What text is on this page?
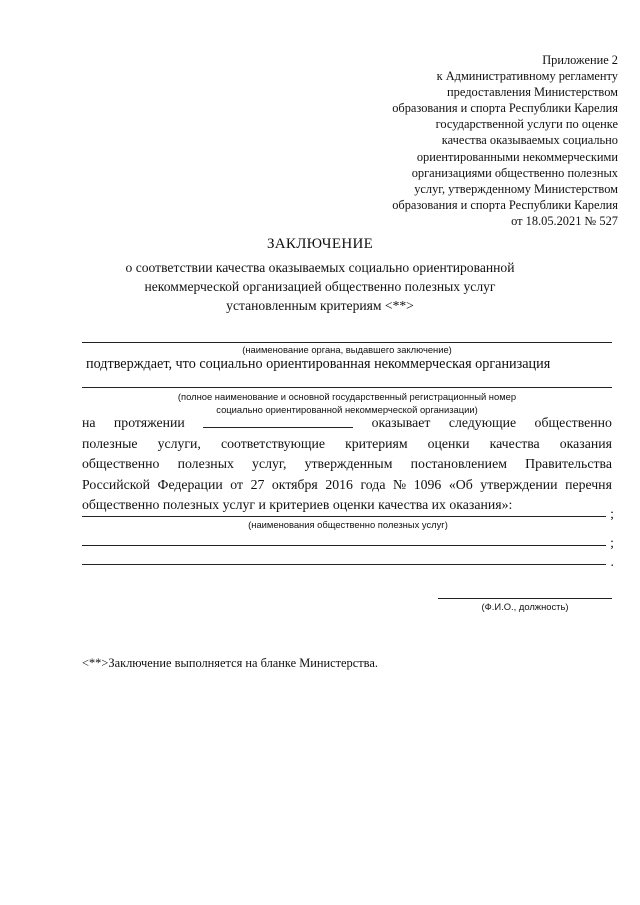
Приложение 2
к Административному регламенту
предоставления Министерством
образования и спорта Республики Карелия
государственной услуги по оценке
качества оказываемых социально
ориентированными некоммерческими
организациями общественно полезных
услуг, утвержденному Министерством
образования и спорта Республики Карелия
от 18.05.2021 № 527
ЗАКЛЮЧЕНИЕ
о соответствии качества оказываемых социально ориентированной
некоммерческой организацией общественно полезных услуг
установленным критериям <**>
(наименование органа, выдавшего заключение)
подтверждает, что социально ориентированная некоммерческая организация
(полное наименование и основной государственный регистрационный номер
социально ориентированной некоммерческой организации)
на протяжении	оказывает следующие общественно
полезные услуги, соответствующие критериям оценки качества оказания
общественно полезных услуг, утвержденным постановлением Правительства
Российской Федерации от 27 октября 2016 года № 1096 «Об утверждении перечня
общественно полезных услуг и критериев оценки качества их оказания»:
;
(наименования общественно полезных услуг)
;
.
(Ф.И.О., должность)
<**>Заключение выполняется на бланке Министерства.
